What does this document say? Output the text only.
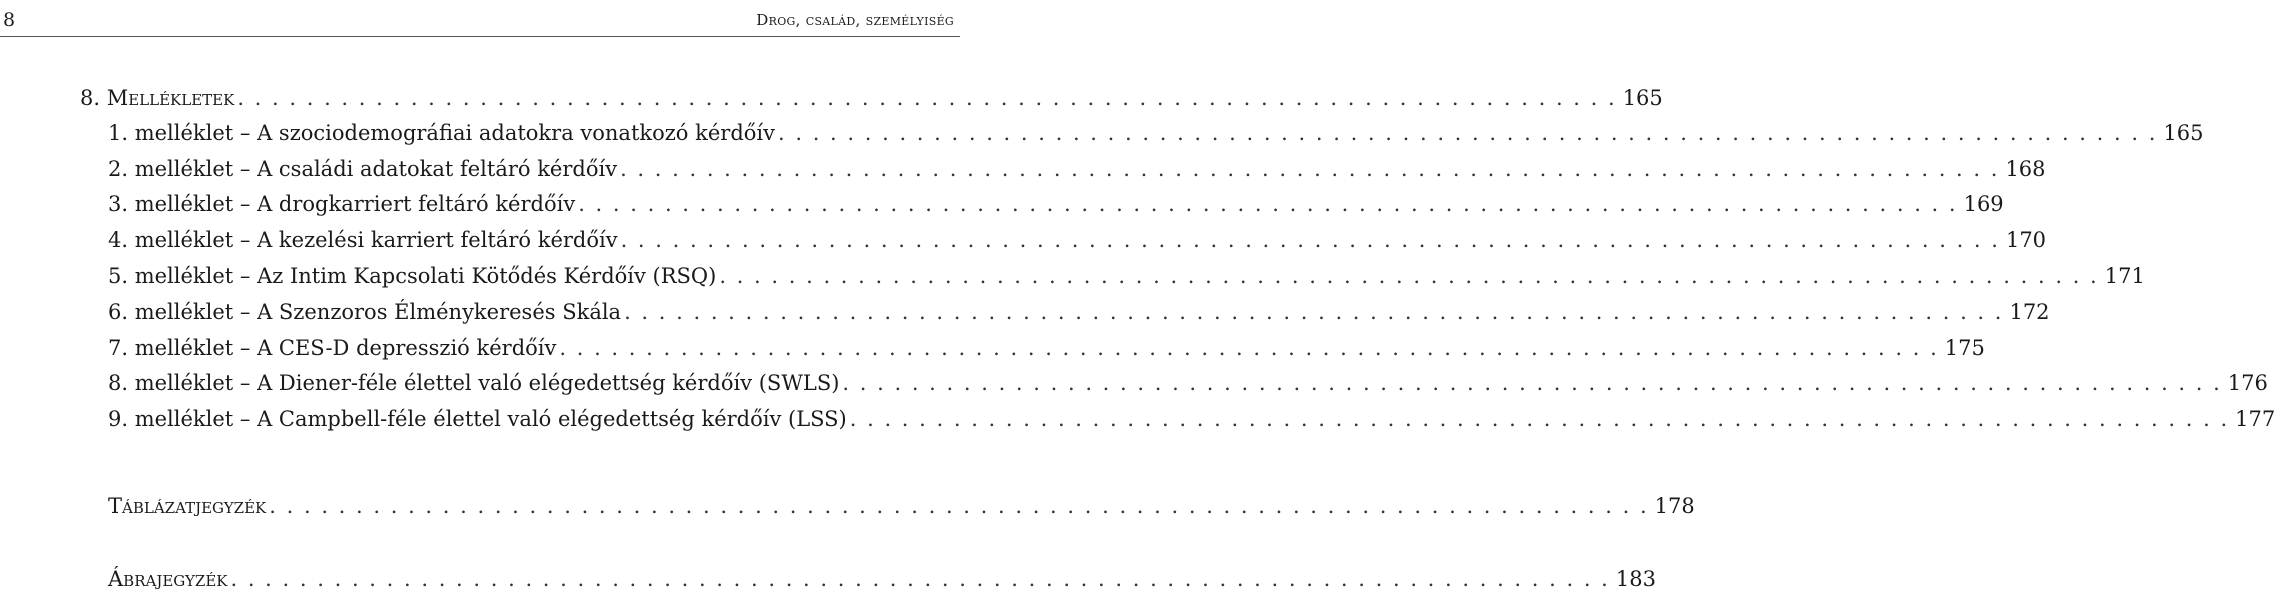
8	Drog, család, személyiség
8. Mellékletek . . . . . . . . . . . . . . . . . . . . . . . . . . . . . . . . . . . . . . . . . . . . . . . . . . . . . . . . . . . . . . . . . . . . . . . . . . . . . . . . 165
1. melléklet – A szociodemográfiai adatokra vonatkozó kérdőív . . . . . . . . . . . . . . . . . . . . . . . . . . . . . . . . . . . . . . . . . . . . . . . . . . . . . . . . . . . . . . . . . . . . . . . . . . . . . . . . 165
2. melléklet – A családi adatokat feltáró kérdőív . . . . . . . . . . . . . . . . . . . . . . . . . . . . . . . . . . . . . . . . . . . . . . . . . . . . . . . . . . . . . . . . . . . . . . . . . . . . . . . . 168
3. melléklet – A drogkarriert feltáró kérdőív . . . . . . . . . . . . . . . . . . . . . . . . . . . . . . . . . . . . . . . . . . . . . . . . . . . . . . . . . . . . . . . . . . . . . . . . . . . . . . . . 169
4. melléklet – A kezelési karriert feltáró kérdőív . . . . . . . . . . . . . . . . . . . . . . . . . . . . . . . . . . . . . . . . . . . . . . . . . . . . . . . . . . . . . . . . . . . . . . . . . . . . . . . . 170
5. melléklet – Az Intim Kapcsolati Kötődés Kérdőív (RSQ) . . . . . . . . . . . . . . . . . . . . . . . . . . . . . . . . . . . . . . . . . . . . . . . . . . . . . . . . . . . . . . . . . . . . . . . . . . . . . . . . 171
6. melléklet – A Szenzoros Élménykeresés Skála . . . . . . . . . . . . . . . . . . . . . . . . . . . . . . . . . . . . . . . . . . . . . . . . . . . . . . . . . . . . . . . . . . . . . . . . . . . . . . . . 172
7. melléklet – A CES-D depresszió kérdőív . . . . . . . . . . . . . . . . . . . . . . . . . . . . . . . . . . . . . . . . . . . . . . . . . . . . . . . . . . . . . . . . . . . . . . . . . . . . . . . . 175
8. melléklet – A Diener-féle élettel való elégedettség kérdőív (SWLS) . . . . . . . . . . . . . . . . . . . . . . . . . . . . . . . . . . . . . . . . . . . . . . . . . . . . . . . . . . . . . . . . . . . . . . . . . . . . . . . . 176
9. melléklet – A Campbell-féle élettel való elégedettség kérdőív (LSS) . . . . . . . . . . . . . . . . . . . . . . . . . . . . . . . . . . . . . . . . . . . . . . . . . . . . . . . . . . . . . . . . . . . . . . . . . . . . . . . . 177
Táblázatjegyzék . . . . . . . . . . . . . . . . . . . . . . . . . . . . . . . . . . . . . . . . . . . . . . . . . . . . . . . . . . . . . . . . . . . . . . . . . . . . . . . . 178
Ábrajegyzék . . . . . . . . . . . . . . . . . . . . . . . . . . . . . . . . . . . . . . . . . . . . . . . . . . . . . . . . . . . . . . . . . . . . . . . . . . . . . . . . 183
